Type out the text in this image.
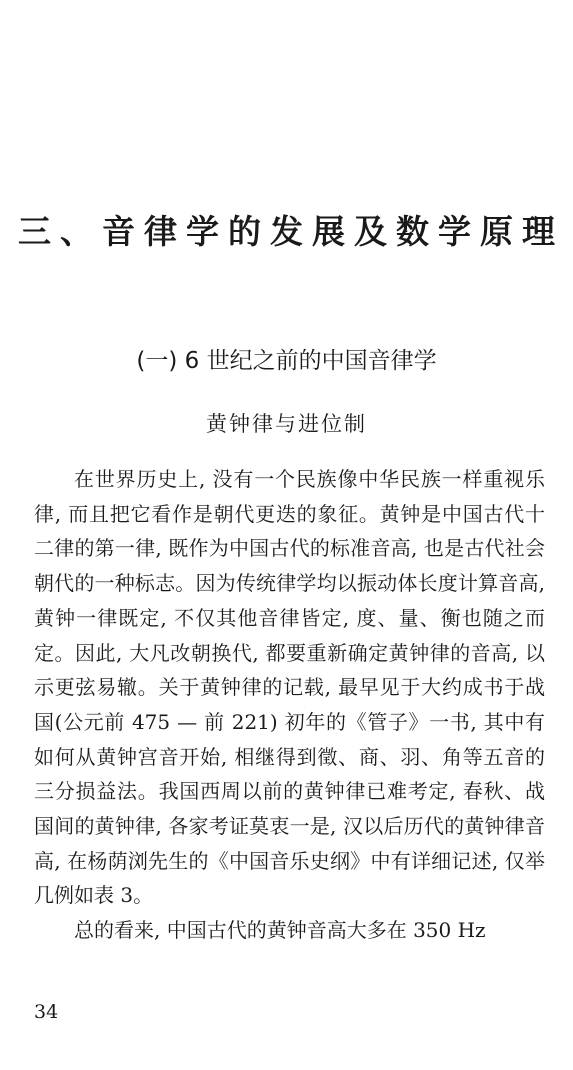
三、音律学的发展及数学原理
(一) 6 世纪之前的中国音律学
黄钟律与进位制

在世界历史上, 没有一个民族像中华民族一样重视乐律, 而且把它看作是朝代更迭的象征。黄钟是中国古代十二律的第一律, 既作为中国古代的标准音高, 也是古代社会朝代的一种标志。因为传统律学均以振动体长度计算音高, 黄钟一律既定, 不仅其他音律皆定, 度、量、衡也随之而定。因此, 大凡改朝换代, 都要重新确定黄钟律的音高, 以示更弦易辙。关于黄钟律的记载, 最早见于大约成书于战国(公元前 475 — 前 221) 初年的《管子》一书, 其中有如何从黄钟宫音开始, 相继得到徵、商、羽、角等五音的三分损益法。我国西周以前的黄钟律已难考定, 春秋、战国间的黄钟律, 各家考证莫衷一是, 汉以后历代的黄钟律音高, 在杨荫浏先生的《中国音乐史纲》中有详细记述, 仅举几例如表 3。

总的看来, 中国古代的黄钟音高大多在 350 Hz

34
